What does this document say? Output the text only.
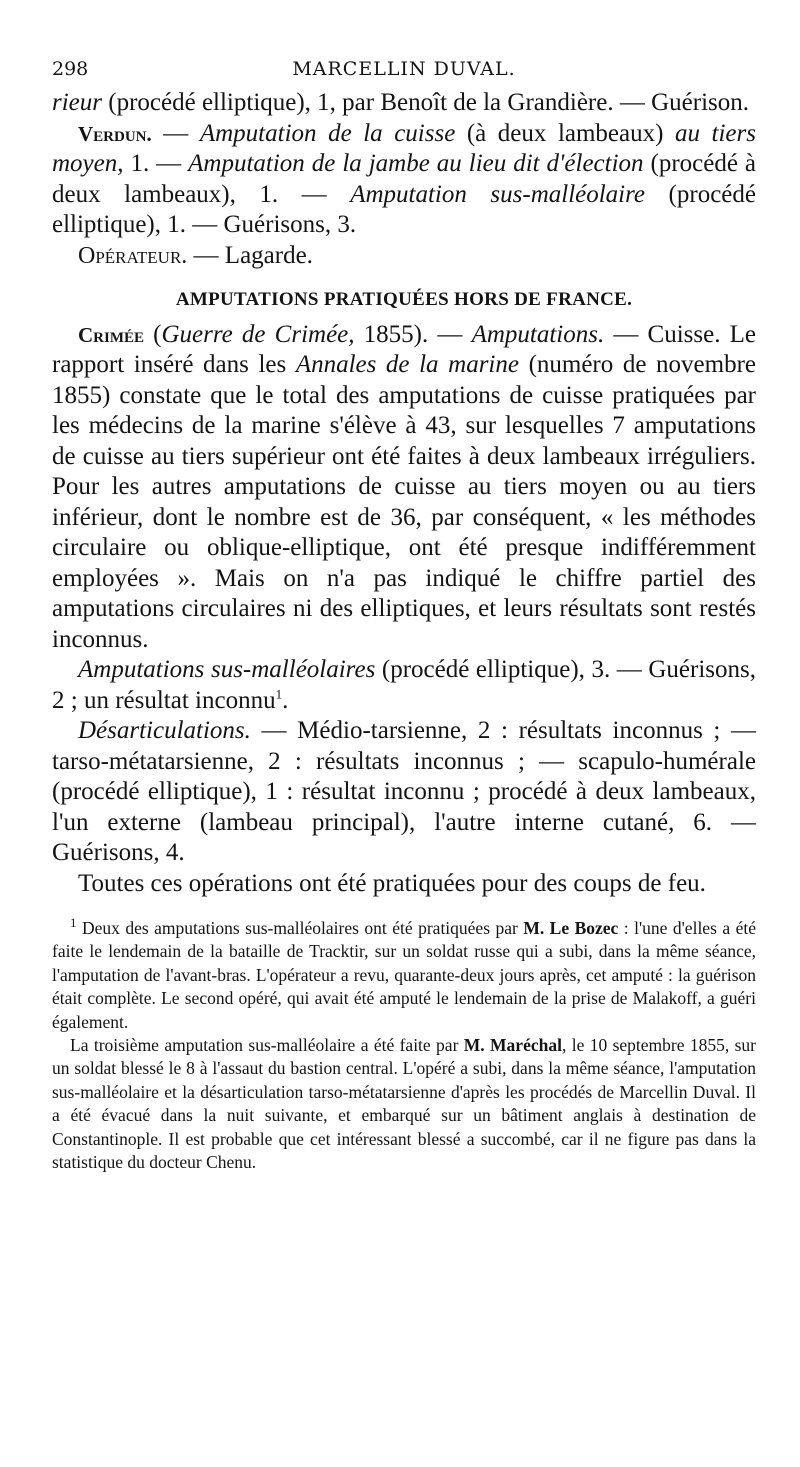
298	MARCELLIN DUVAL.

rieur (procédé elliptique), 1, par Benoît de la Grandière. — Guérison.

Verdun. — Amputation de la cuisse (à deux lambeaux) au tiers moyen, 1. — Amputation de la jambe au lieu dit d'élection (procédé à deux lambeaux), 1. — Amputation sus-malléolaire (procédé elliptique), 1. — Guérisons, 3.

Opérateur. — Lagarde.

AMPUTATIONS PRATIQUÉES HORS DE FRANCE.

Crimée (Guerre de Crimée, 1855). — Amputations. — Cuisse. Le rapport inséré dans les Annales de la marine (numéro de novembre 1855) constate que le total des amputations de cuisse pratiquées par les médecins de la marine s'élève à 43, sur lesquelles 7 amputations de cuisse au tiers supérieur ont été faites à deux lambeaux irréguliers. Pour les autres amputations de cuisse au tiers moyen ou au tiers inférieur, dont le nombre est de 36, par conséquent, « les méthodes circulaire ou oblique-elliptique, ont été presque indifféremment employées ». Mais on n'a pas indiqué le chiffre partiel des amputations circulaires ni des elliptiques, et leurs résultats sont restés inconnus.

Amputations sus-malléolaires (procédé elliptique), 3. — Guérisons, 2 ; un résultat inconnu$^1$.

Désarticulations. — Médio-tarsienne, 2 : résultats inconnus ; — tarso-métatarsienne, 2 : résultats inconnus ; — scapulo-humérale (procédé elliptique), 1 : résultat inconnu ; procédé à deux lambeaux, l'un externe (lambeau principal), l'autre interne cutané, 6. — Guérisons, 4.

Toutes ces opérations ont été pratiquées pour des coups de feu.

$^1$ Deux des amputations sus-malléolaires ont été pratiquées par M. Le Bozec : l'une d'elles a été faite le lendemain de la bataille de Tracktir, sur un soldat russe qui a subi, dans la même séance, l'amputation de l'avant-bras. L'opérateur a revu, quarante-deux jours après, cet amputé : la guérison était complète. Le second opéré, qui avait été amputé le lendemain de la prise de Malakoff, a guéri également.

La troisième amputation sus-malléolaire a été faite par M. Maréchal, le 10 septembre 1855, sur un soldat blessé le 8 à l'assaut du bastion central. L'opéré a subi, dans la même séance, l'amputation sus-malléolaire et la désarticulation tarso-métatarsienne d'après les procédés de Marcellin Duval. Il a été évacué dans la nuit suivante, et embarqué sur un bâtiment anglais à destination de Constantinople. Il est probable que cet intéressant blessé a succombé, car il ne figure pas dans la statistique du docteur Chenu.
